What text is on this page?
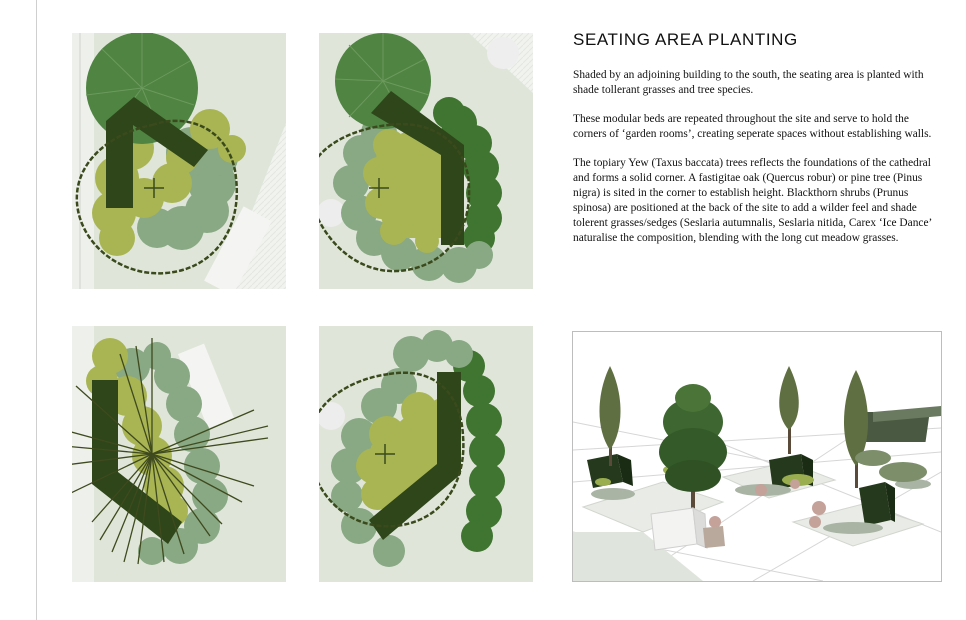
SEATING AREA PLANTING

Shaded by an adjoining building to the south, the seating area is planted with shade tollerant grasses and tree species.

These modular beds are repeated throughout the site and serve to hold the corners of ‘garden rooms’, creating seperate spaces without establishing walls.

The topiary Yew (Taxus baccata) trees reflects the foundations of the cathedral and forms a solid corner. A fastigitae oak (Quercus robur) or pine tree (Pinus nigra) is sited in the corner to establish height. Blackthorn shrubs (Prunus spinosa) are positioned at the back of the site to add a wilder feel and shade tolerent grasses/sedges (Seslaria autumnalis, Seslaria nitida, Carex ‘Ice Dance’ naturalise the composition, blending with the long cut meadow grasses.
